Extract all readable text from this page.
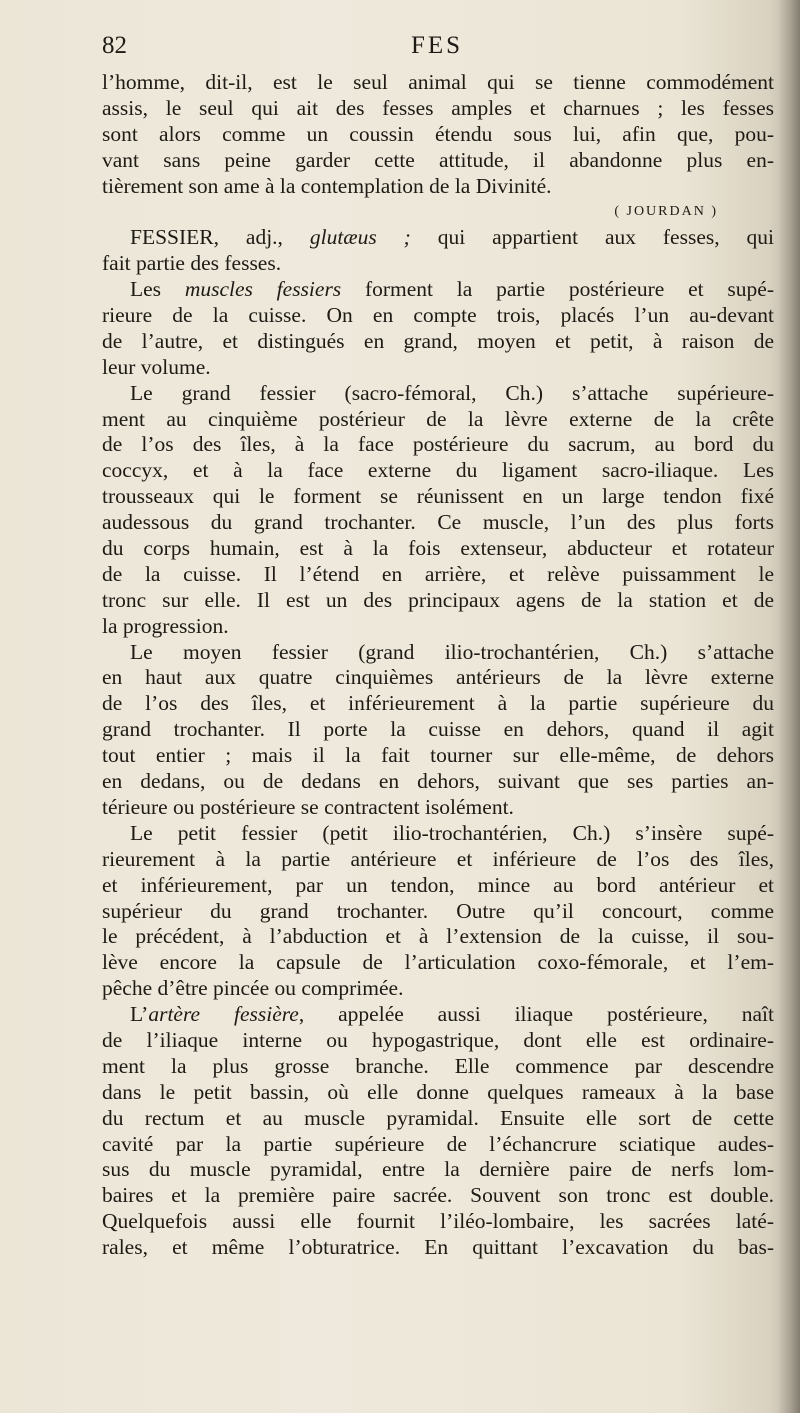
82	FES
l’homme, dit-il, est le seul animal qui se tienne commodément
assis, le seul qui ait des fesses amples et charnues ; les fesses
sont alors comme un coussin étendu sous lui, afin que, pou-
vant sans peine garder cette attitude, il abandonne plus en-
tièrement son ame à la contemplation de la Divinité.
( JOURDAN )
FESSIER, adj., glutæus ; qui appartient aux fesses, qui
fait partie des fesses.
Les muscles fessiers forment la partie postérieure et supé-
rieure de la cuisse. On en compte trois, placés l’un au-devant
de l’autre, et distingués en grand, moyen et petit, à raison de
leur volume.
Le grand fessier (sacro-fémoral, Ch.) s’attache supérieure-
ment au cinquième postérieur de la lèvre externe de la crête
de l’os des îles, à la face postérieure du sacrum, au bord du
coccyx, et à la face externe du ligament sacro-iliaque. Les
trousseaux qui le forment se réunissent en un large tendon fixé
audessous du grand trochanter. Ce muscle, l’un des plus forts
du corps humain, est à la fois extenseur, abducteur et rotateur
de la cuisse. Il l’étend en arrière, et relève puissamment le
tronc sur elle. Il est un des principaux agens de la station et de
la progression.
Le moyen fessier (grand ilio-trochantérien, Ch.) s’attache
en haut aux quatre cinquièmes antérieurs de la lèvre externe
de l’os des îles, et inférieurement à la partie supérieure du
grand trochanter. Il porte la cuisse en dehors, quand il agit
tout entier ; mais il la fait tourner sur elle-même, de dehors
en dedans, ou de dedans en dehors, suivant que ses parties an-
térieure ou postérieure se contractent isolément.
Le petit fessier (petit ilio-trochantérien, Ch.) s’insère supé-
rieurement à la partie antérieure et inférieure de l’os des îles,
et inférieurement, par un tendon, mince au bord antérieur et
supérieur du grand trochanter. Outre qu’il concourt, comme
le précédent, à l’abduction et à l’extension de la cuisse, il sou-
lève encore la capsule de l’articulation coxo-fémorale, et l’em-
pêche d’être pincée ou comprimée.
L’artère fessière, appelée aussi iliaque postérieure, naît
de l’iliaque interne ou hypogastrique, dont elle est ordinaire-
ment la plus grosse branche. Elle commence par descendre
dans le petit bassin, où elle donne quelques rameaux à la base
du rectum et au muscle pyramidal. Ensuite elle sort de cette
cavité par la partie supérieure de l’échancrure sciatique audes-
sus du muscle pyramidal, entre la dernière paire de nerfs lom-
baires et la première paire sacrée. Souvent son tronc est double.
Quelquefois aussi elle fournit l’iléo-lombaire, les sacrées laté-
rales, et même l’obturatrice. En quittant l’excavation du bas-
